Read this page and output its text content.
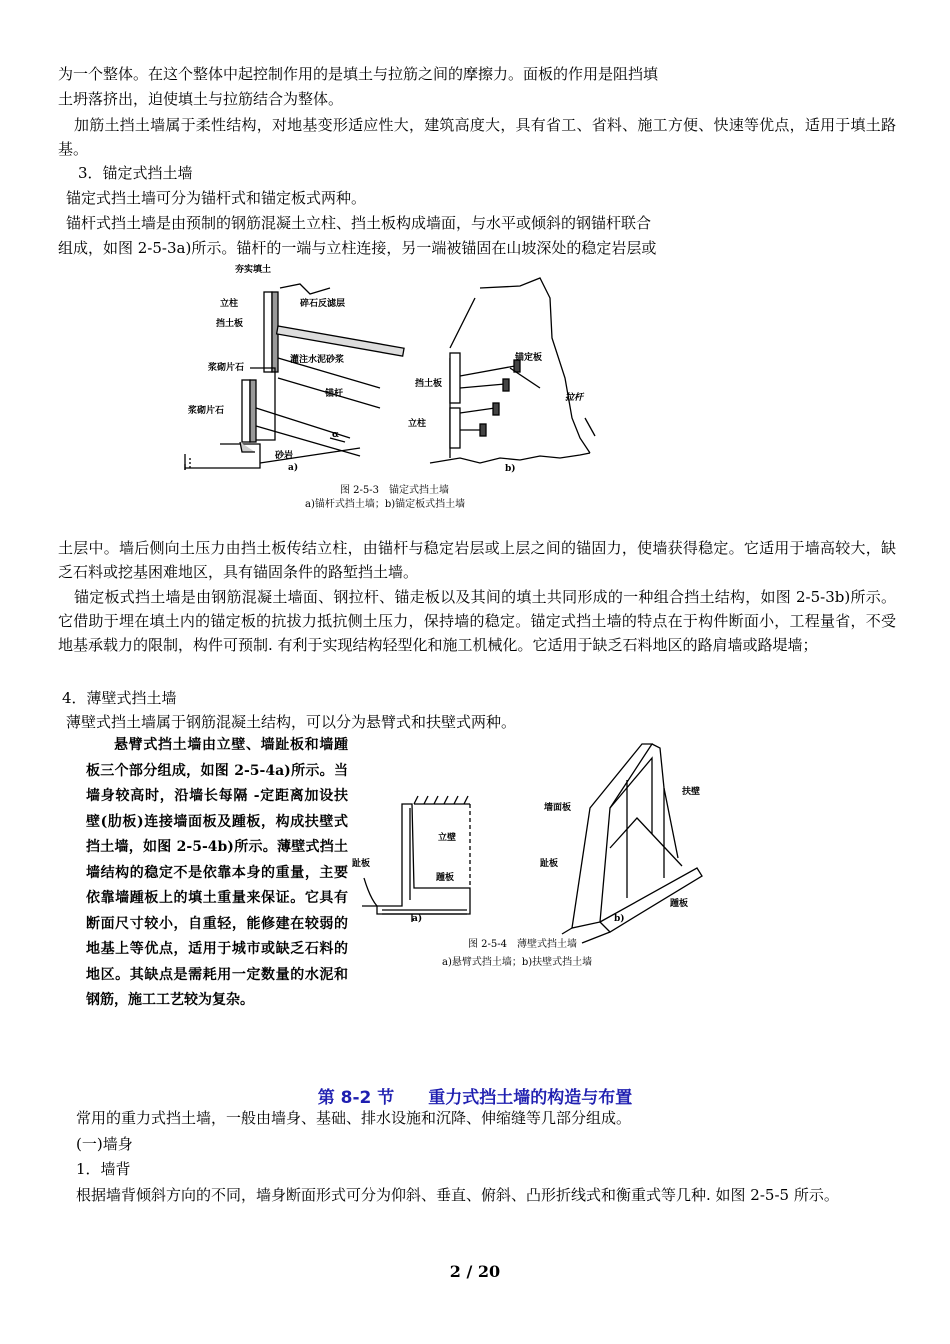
为一个整体。在这个整体中起控制作用的是填土与拉筋之间的摩擦力。面板的作用是阻挡填
土坍落挤出，迫使填土与拉筋结合为整体。
加筋土挡土墙属于柔性结构，对地基变形适应性大，建筑高度大，具有省工、省料、施工方便、快速等优点，适用于填土路基。
3．锚定式挡土墙
锚定式挡土墙可分为锚杆式和锚定板式两种。
锚杆式挡土墙是由预制的钢筋混凝土立柱、挡土板构成墙面，与水平或倾斜的钢锚杆联合
组成，如图 2-5-3a)所示。锚杆的一端与立柱连接，另一端被锚固在山坡深处的稳定岩层或
夯实填土
立柱	碎石反滤层
挡土板
灌注水泥砂浆
浆砌片石
锚杆
浆砌片石
α
砂岩
a)
锚定板
挡土板
拉杆
立柱
b)
图 2-5-3　锚定式挡土墙
a)锚杆式挡土墙；b)锚定板式挡土墙
土层中。墙后侧向土压力由挡土板传结立柱，由锚杆与稳定岩层或上层之间的锚固力，使墙获得稳定。它适用于墙高较大，缺乏石料或挖基困难地区，具有锚固条件的路堑挡土墙。
锚定板式挡土墙是由钢筋混凝土墙面、钢拉杆、锚走板以及其间的填土共同形成的一种组合挡土结构，如图 2-5-3b)所示。它借助于埋在填土内的锚定板的抗拔力抵抗侧土压力，保持墙的稳定。锚定式挡土墙的特点在于构件断面小，工程量省，不受地基承载力的限制，构件可预制. 有利于实现结构轻型化和施工机械化。它适用于缺乏石料地区的路肩墙或路堤墙；
4．薄壁式挡土墙
薄壁式挡土墙属于钢筋混凝土结构，可以分为悬臂式和扶壁式两种。
悬臂式挡土墙由立壁、墙趾板和墙踵板三个部分组成，如图 2-5-4a)所示。当墙身较高时，沿墙长每隔 -定距离加设扶壁(肋板)连接墙面板及踵板，构成扶壁式挡土墙，如图 2-5-4b)所示。薄壁式挡土墙结构的稳定不是依靠本身的重量，主要依靠墙踵板上的填土重量来保证。它具有断面尺寸较小，自重轻，能修建在较弱的地基上等优点，适用于城市或缺乏石料的地区。其缺点是需耗用一定数量的水泥和钢筋，施工工艺较为复杂。
立壁
趾板
踵板
a)
墙面板
扶壁
趾板
踵板
b)
图 2-5-4　薄壁式挡土墙
a)悬臂式挡土墙；b)扶壁式挡土墙
第 8-2 节　　重力式挡土墙的构造与布置
常用的重力式挡土墙，一般由墙身、基础、排水设施和沉降、伸缩缝等几部分组成。
(一)墙身
1．墙背
根据墙背倾斜方向的不同，墙身断面形式可分为仰斜、垂直、俯斜、凸形折线式和衡重式等几种. 如图 2-5-5 所示。
2 / 20
